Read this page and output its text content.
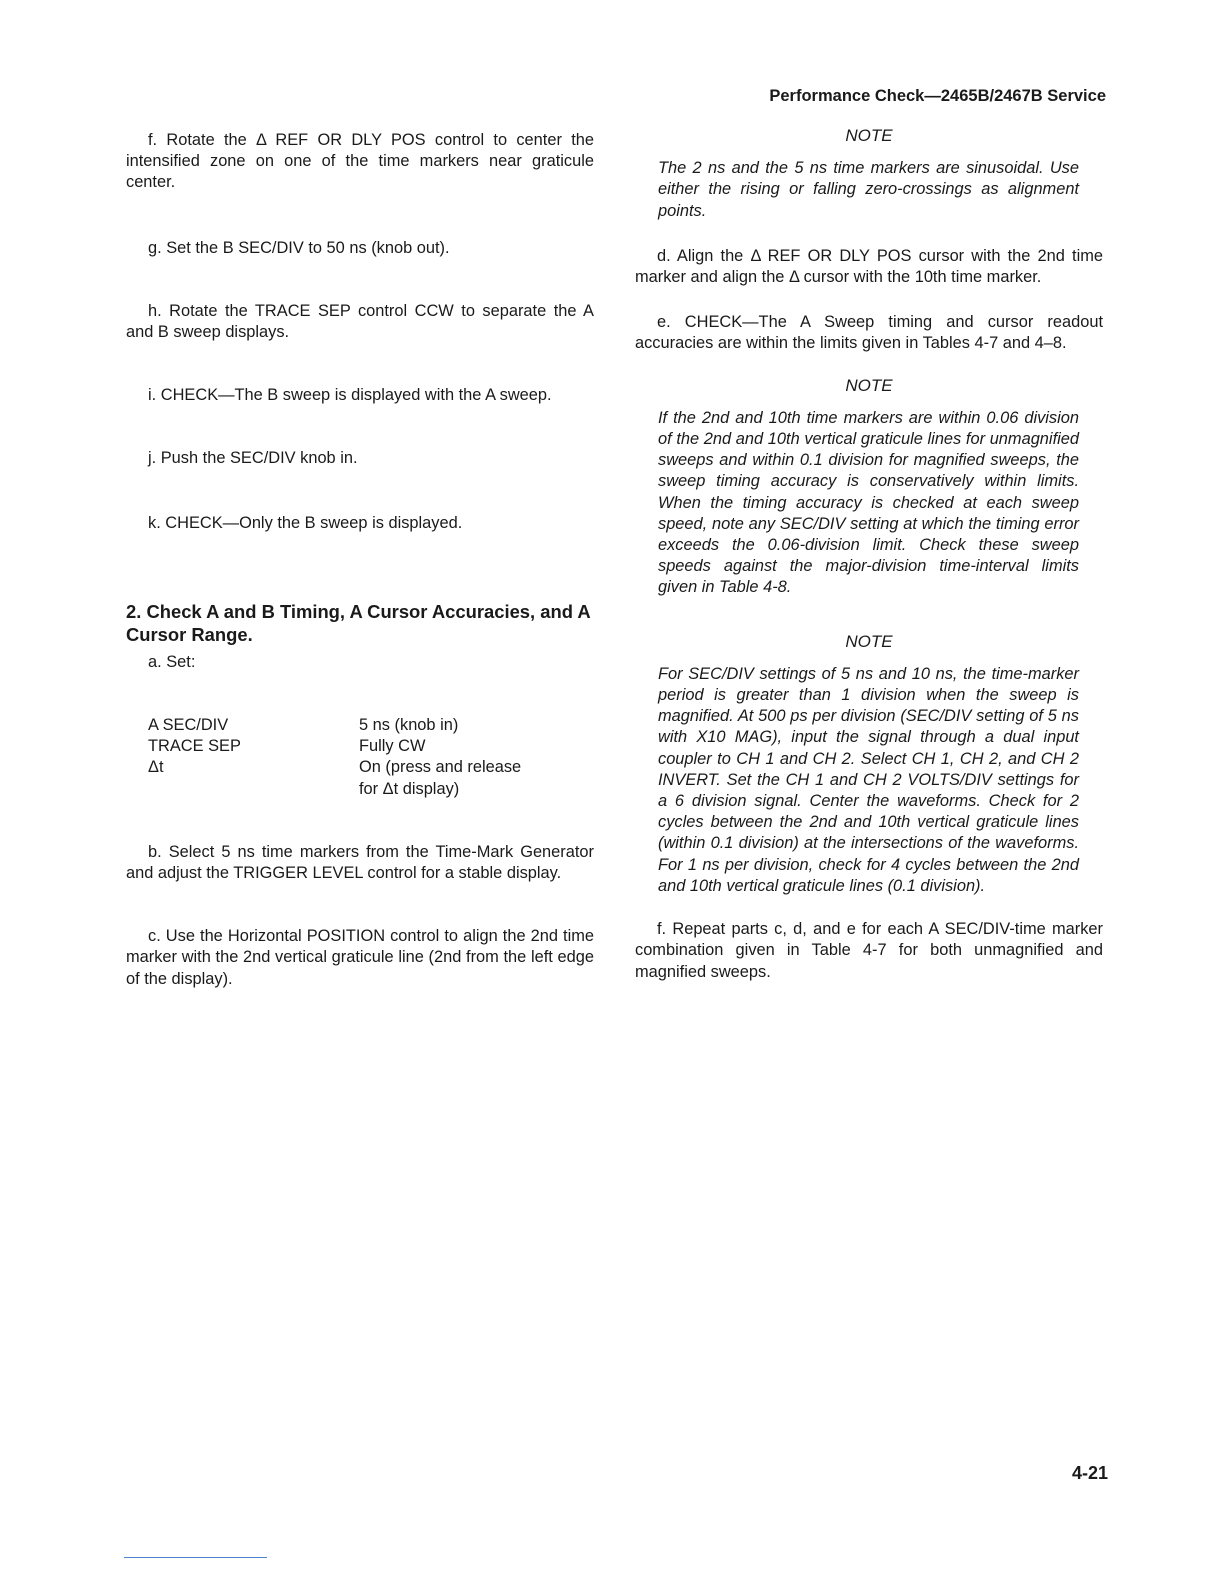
Performance Check—2465B/2467B Service

f. Rotate the Δ REF OR DLY POS control to center the intensified zone on one of the time markers near graticule center.

g. Set the B SEC/DIV to 50 ns (knob out).

h. Rotate the TRACE SEP control CCW to separate the A and B sweep displays.

i. CHECK—The B sweep is displayed with the A sweep.

j. Push the SEC/DIV knob in.

k. CHECK—Only the B sweep is displayed.

2. Check A and B Timing, A Cursor Accuracies, and A Cursor Range.

a. Set:

A SEC/DIV	5 ns (knob in)
TRACE SEP	Fully CW
Δt	On (press and release
for Δt display)

b. Select 5 ns time markers from the Time-Mark Generator and adjust the TRIGGER LEVEL control for a stable display.

c. Use the Horizontal POSITION control to align the 2nd time marker with the 2nd vertical graticule line (2nd from the left edge of the display).

NOTE

The 2 ns and the 5 ns time markers are sinusoidal. Use either the rising or falling zero-crossings as alignment points.

d. Align the Δ REF OR DLY POS cursor with the 2nd time marker and align the Δ cursor with the 10th time marker.

e. CHECK—The A Sweep timing and cursor readout accuracies are within the limits given in Tables 4-7 and 4–8.

NOTE

If the 2nd and 10th time markers are within 0.06 division of the 2nd and 10th vertical graticule lines for unmagnified sweeps and within 0.1 division for magnified sweeps, the sweep timing accuracy is conservatively within limits. When the timing accuracy is checked at each sweep speed, note any SEC/DIV setting at which the timing error exceeds the 0.06-division limit. Check these sweep speeds against the major-division time-interval limits given in Table 4-8.

NOTE

For SEC/DIV settings of 5 ns and 10 ns, the time-marker period is greater than 1 division when the sweep is magnified. At 500 ps per division (SEC/DIV setting of 5 ns with X10 MAG), input the signal through a dual input coupler to CH 1 and CH 2. Select CH 1, CH 2, and CH 2 INVERT. Set the CH 1 and CH 2 VOLTS/DIV settings for a 6 division signal. Center the waveforms. Check for 2 cycles between the 2nd and 10th vertical graticule lines (within 0.1 division) at the intersections of the waveforms. For 1 ns per division, check for 4 cycles between the 2nd and 10th vertical graticule lines (0.1 division).

f. Repeat parts c, d, and e for each A SEC/DIV-time marker combination given in Table 4-7 for both unmagnified and magnified sweeps.

4-21
